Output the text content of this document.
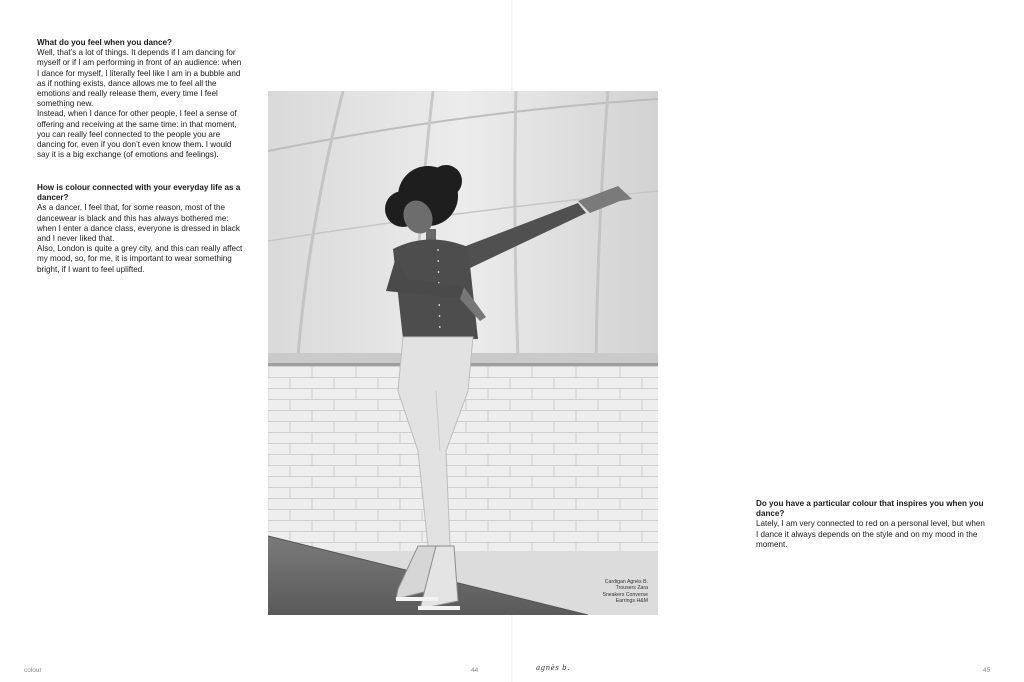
What do you feel when you dance?

Well, that’s a lot of things. It depends if I am dancing for myself or if I am performing in front of an audience: when I dance for myself, I literally feel like I am in a bubble and as if nothing exists, dance allows me to feel all the emotions and really release them, every time I feel something new.

Instead, when I dance for other people, I feel a sense of offering and receiving at the same time: in that moment, you can really feel connected to the people you are dancing for, even if you don’t even know them. I would say it is a big exchange (of emotions and feelings).

How is colour connected with your everyday life as a dancer?

As a dancer, I feel that, for some reason, most of the dancewear is black and this has always bothered me: when I enter a dance class, everyone is dressed in black and I never liked that.

Also, London is quite a grey city, and this can really affect my mood, so, for me, it is important to wear something bright, if I want to feel uplifted.

Cardigan Agnès B.
Trousers Zara
Sneakers Converse
Earrings H&M

Do you have a particular colour that inspires you when you dance?

Lately, I am very connected to red on a personal level, but when I dance it always depends on the style and on my mood in the moment.

colour	44	agnès b.	45
